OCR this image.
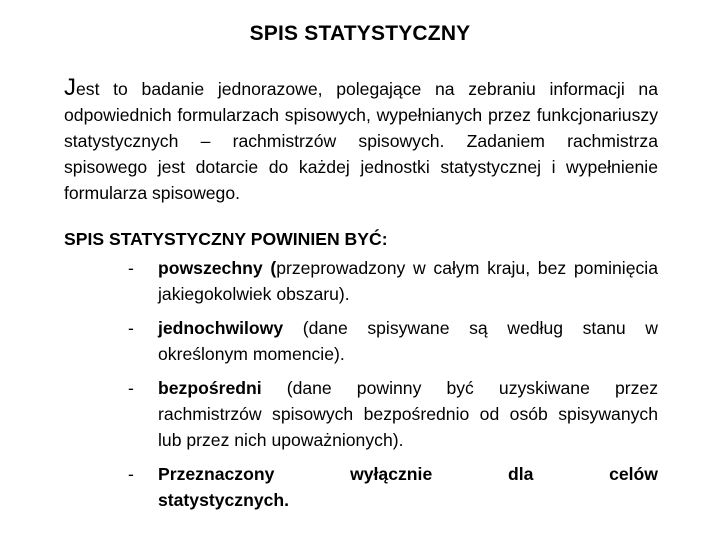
SPIS STATYSTYCZNY

Jest to badanie jednorazowe, polegające na zebraniu informacji na odpowiednich formularzach spisowych, wypełnianych przez funkcjonariuszy statystycznych – rachmistrzów spisowych. Zadaniem rachmistrza spisowego jest dotarcie do każdej jednostki statystycznej i wypełnienie formularza spisowego.

SPIS STATYSTYCZNY POWINIEN BYĆ:
- powszechny (przeprowadzony w całym kraju, bez pominięcia jakiegokolwiek obszaru).
- jednochwilowy (dane spisywane są według stanu w określonym momencie).
- bezpośredni (dane powinny być uzyskiwane przez rachmistrzów spisowych bezpośrednio od osób spisywanych lub przez nich upoważnionych).
- Przeznaczony wyłącznie dla celów
statystycznych.
